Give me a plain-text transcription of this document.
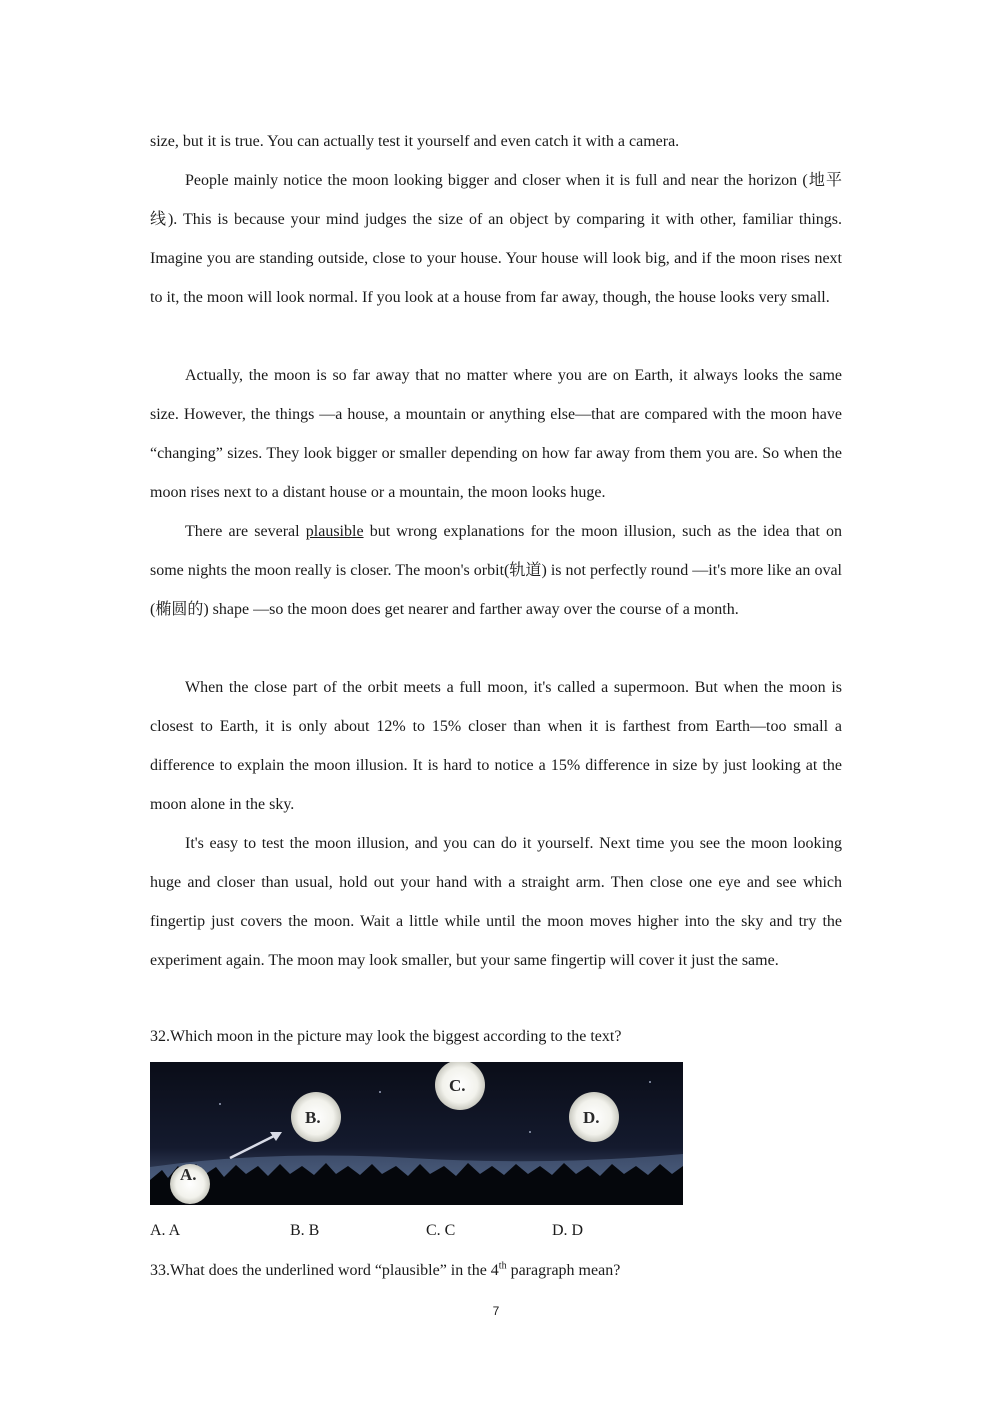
size, but it is true. You can actually test it yourself and even catch it with a camera.

People mainly notice the moon looking bigger and closer when it is full and near the horizon (地平线). This is because your mind judges the size of an object by comparing it with other, familiar things. Imagine you are standing outside, close to your house. Your house will look big, and if the moon rises next to it, the moon will look normal. If you look at a house from far away, though, the house looks very small.

Actually, the moon is so far away that no matter where you are on Earth, it always looks the same size. However, the things —a house, a mountain or anything else—that are compared with the moon have “changing” sizes. They look bigger or smaller depending on how far away from them you are. So when the moon rises next to a distant house or a mountain, the moon looks huge.

There are several plausible but wrong explanations for the moon illusion, such as the idea that on some nights the moon really is closer. The moon's orbit(轨道) is not perfectly round —it's more like an oval (椭圆的) shape —so the moon does get nearer and farther away over the course of a month.

When the close part of the orbit meets a full moon, it's called a supermoon. But when the moon is closest to Earth, it is only about 12% to 15% closer than when it is farthest from Earth—too small a difference to explain the moon illusion. It is hard to notice a 15% difference in size by just looking at the moon alone in the sky.

It's easy to test the moon illusion, and you can do it yourself. Next time you see the moon looking huge and closer than usual, hold out your hand with a straight arm. Then close one eye and see which fingertip just covers the moon. Wait a little while until the moon moves higher into the sky and try the experiment again. The moon may look smaller, but your same fingertip will cover it just the same.

32.Which moon in the picture may look the biggest according to the text?

A.
B.
C.
D.
A. A	B. B	C. C	D. D

33.What does the underlined word “plausible” in the 4th paragraph mean?

7
